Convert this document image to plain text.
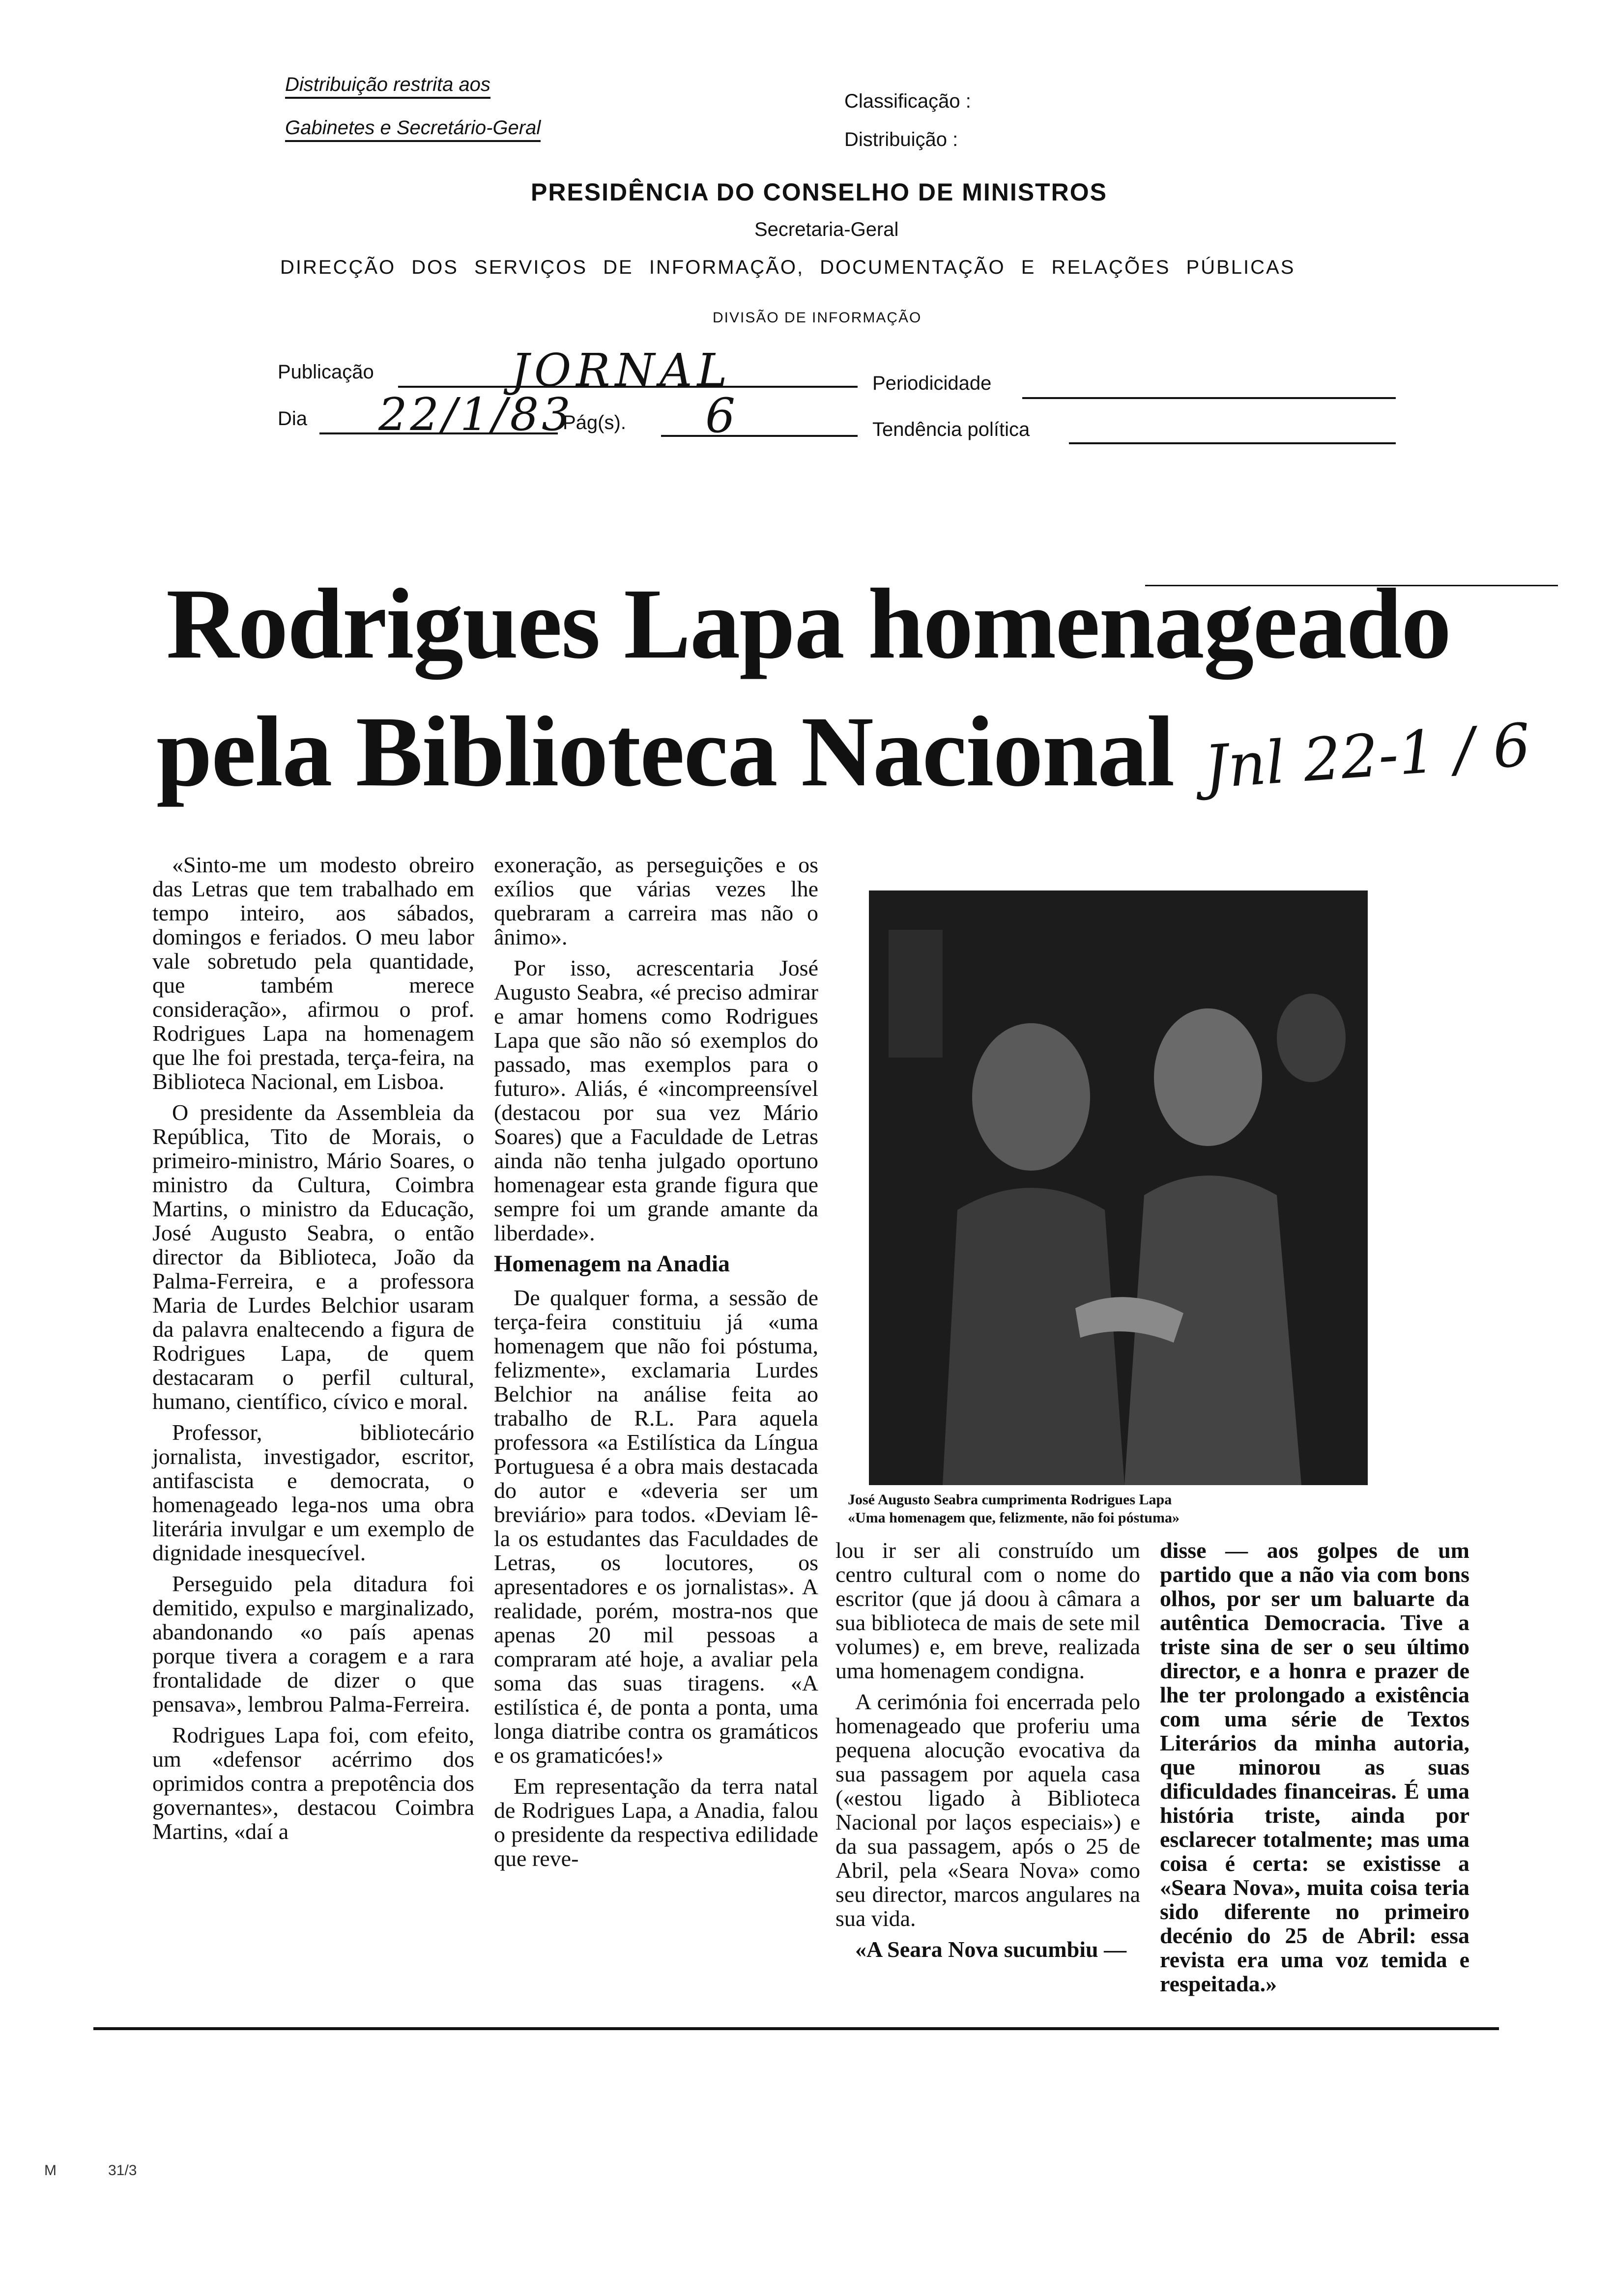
Distribuição restrita aos
Gabinetes e Secretário-Geral
Classificação :
Distribuição :
PRESIDÊNCIA DO CONSELHO DE MINISTROS
Secretaria-Geral
DIRECÇÃO DOS SERVIÇOS DE INFORMAÇÃO, DOCUMENTAÇÃO E RELAÇÕES PÚBLICAS
DIVISÃO DE INFORMAÇÃO
Publicação	JORNAL	Periodicidade
Dia 22/1/83
Pág(s). 6	Tendência política
Rodrigues Lapa homenageado
pela Biblioteca Nacional Jnl 22-1 / 6

«Sinto-me um modesto obreiro das Letras que tem trabalhado em tempo inteiro, aos sábados, domingos e feriados. O meu labor vale sobretudo pela quantidade, que também merece consideração», afirmou o prof. Rodrigues Lapa na homenagem que lhe foi prestada, terça-feira, na Biblioteca Nacional, em Lisboa.

O presidente da Assembleia da República, Tito de Morais, o primeiro-ministro, Mário Soares, o ministro da Cultura, Coimbra Martins, o ministro da Educação, José Augusto Seabra, o então director da Biblioteca, João da Palma-Ferreira, e a professora Maria de Lurdes Belchior usaram da palavra enaltecendo a figura de Rodrigues Lapa, de quem destacaram o perfil cultural, humano, científico, cívico e moral.

Professor, bibliotecário jornalista, investigador, escritor, antifascista e democrata, o homenageado lega-nos uma obra literária invulgar e um exemplo de dignidade inesquecível.

Perseguido pela ditadura foi demitido, expulso e marginalizado, abandonando «o país apenas porque tivera a coragem e a rara frontalidade de dizer o que pensava», lembrou Palma-Ferreira.

Rodrigues Lapa foi, com efeito, um «defensor acérrimo dos oprimidos contra a prepotência dos governantes», destacou Coimbra Martins, «daí a

exoneração, as perseguições e os exílios que várias vezes lhe quebraram a carreira mas não o ânimo».

Por isso, acrescentaria José Augusto Seabra, «é preciso admirar e amar homens como Rodrigues Lapa que são não só exemplos do passado, mas exemplos para o futuro». Aliás, é «incompreensível (destacou por sua vez Mário Soares) que a Faculdade de Letras ainda não tenha julgado oportuno homenagear esta grande figura que sempre foi um grande amante da liberdade».

Homenagem na Anadia

De qualquer forma, a sessão de terça-feira constituiu já «uma homenagem que não foi póstuma, felizmente», exclamaria Lurdes Belchior na análise feita ao trabalho de R.L. Para aquela professora «a Estilística da Língua Portuguesa é a obra mais destacada do autor e «deveria ser um breviário» para todos. «Deviam lê-la os estudantes das Faculdades de Letras, os locutores, os apresentadores e os jornalistas». A realidade, porém, mostra-nos que apenas 20 mil pessoas a compraram até hoje, a avaliar pela soma das suas tiragens. «A estilística é, de ponta a ponta, uma longa diatribe contra os gramáticos e os gramaticóes!»

Em representação da terra natal de Rodrigues Lapa, a Anadia, falou o presidente da respectiva edilidade que reve-

José Augusto Seabra cumprimenta Rodrigues Lapa
«Uma homenagem que, felizmente, não foi póstuma»

lou ir ser ali construído um centro cultural com o nome do escritor (que já doou à câmara a sua biblioteca de mais de sete mil volumes) e, em breve, realizada uma homenagem condigna.

A cerimónia foi encerrada pelo homenageado que proferiu uma pequena alocução evocativa da sua passagem por aquela casa («estou ligado à Biblioteca Nacional por laços especiais») e da sua passagem, após o 25 de Abril, pela «Seara Nova» como seu director, marcos angulares na sua vida.

«A Seara Nova sucumbiu —

disse — aos golpes de um partido que a não via com bons olhos, por ser um baluarte da autêntica Democracia. Tive a triste sina de ser o seu último director, e a honra e prazer de lhe ter prolongado a existência com uma série de Textos Literários da minha autoria, que minorou as suas dificuldades financeiras. É uma história triste, ainda por esclarecer totalmente; mas uma coisa é certa: se existisse a «Seara Nova», muita coisa teria sido diferente no primeiro decénio do 25 de Abril: essa revista era uma voz temida e respeitada.»

M	31/3
